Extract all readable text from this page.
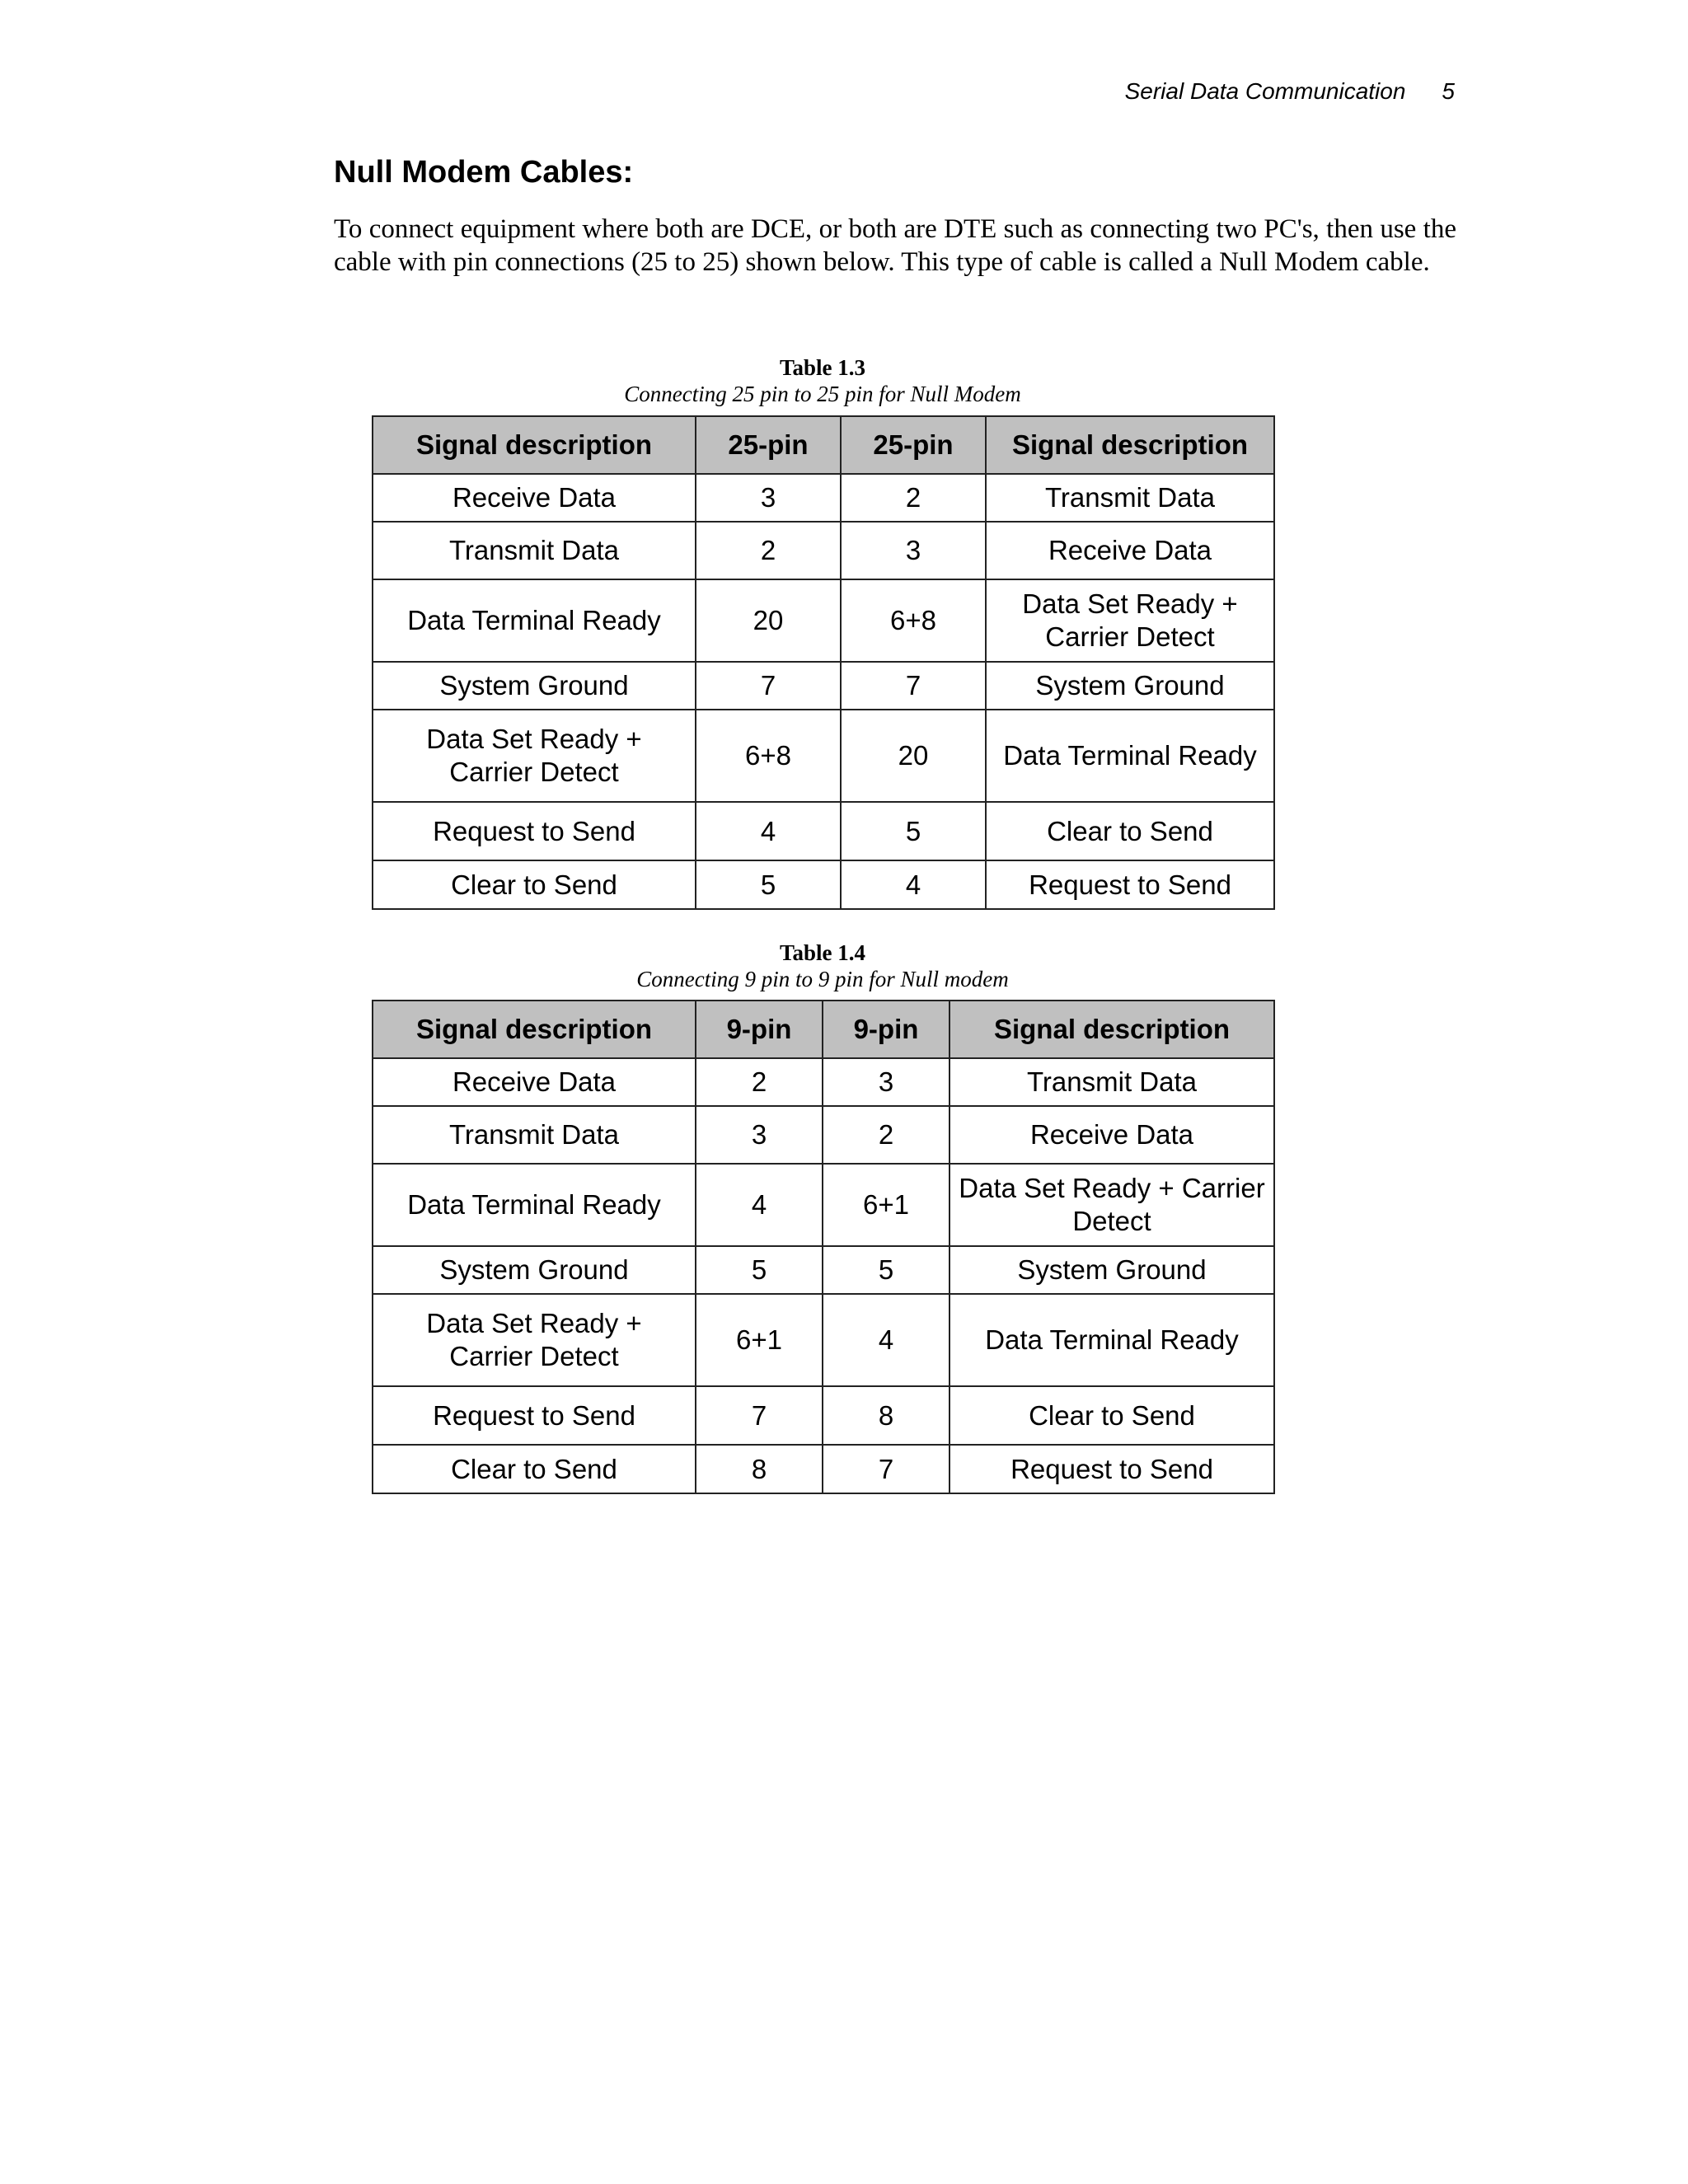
Serial Data Communication 5
Null Modem Cables:

To connect equipment where both are DCE, or both are DTE such as connecting two PC's, then use the cable with pin connections (25 to 25) shown below. This type of cable is called a Null Modem cable.

Table 1.3
Connecting 25 pin to 25 pin for Null Modem
Signal description	25-pin	25-pin	Signal description
Receive Data	3	2	Transmit Data
Transmit Data	2	3	Receive Data
Data Terminal Ready	20	6+8	Data Set Ready + Carrier Detect
System Ground	7	7	System Ground
Data Set Ready + Carrier Detect	6+8	20	Data Terminal Ready
Request to Send	4	5	Clear to Send
Clear to Send	5	4	Request to Send
Table 1.4
Connecting 9 pin to 9 pin for Null modem
Signal description	9-pin	9-pin	Signal description
Receive Data	2	3	Transmit Data
Transmit Data	3	2	Receive Data
Data Terminal Ready	4	6+1	Data Set Ready + Carrier Detect
System Ground	5	5	System Ground
Data Set Ready + Carrier Detect	6+1	4	Data Terminal Ready
Request to Send	7	8	Clear to Send
Clear to Send	8	7	Request to Send
